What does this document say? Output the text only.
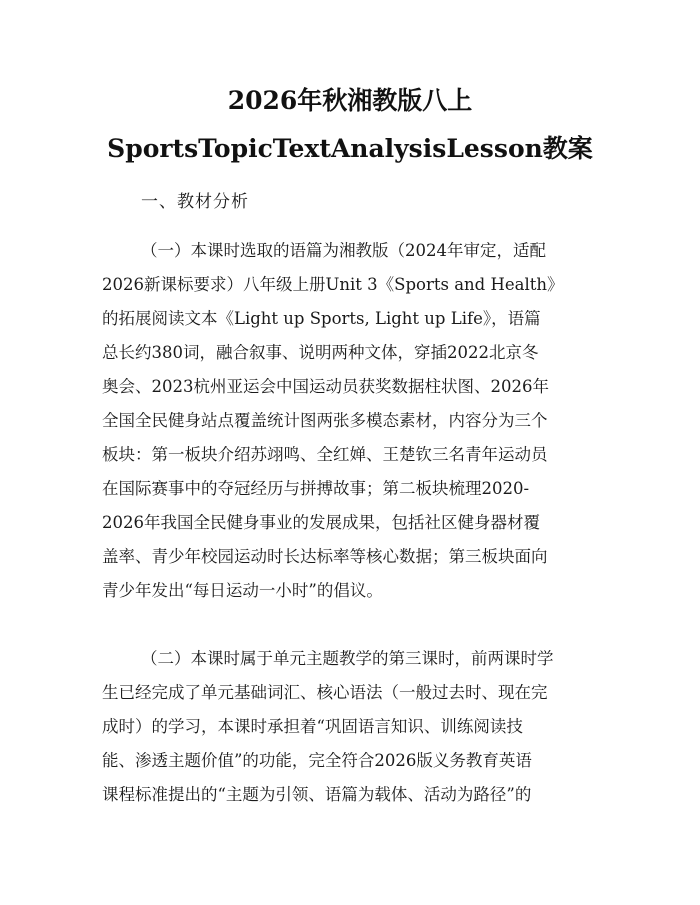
2026年秋湘教版八上
SportsTopicTextAnalysisLesson教案
一、教材分析
（一）本课时选取的语篇为湘教版（2024年审定，适配
2026新课标要求）八年级上册Unit 3《Sports and Health》
的拓展阅读文本《Light up Sports, Light up Life》，语篇
总长约380词，融合叙事、说明两种文体，穿插2022北京冬
奥会、2023杭州亚运会中国运动员获奖数据柱状图、2026年
全国全民健身站点覆盖统计图两张多模态素材，内容分为三个
板块：第一板块介绍苏翊鸣、全红婵、王楚钦三名青年运动员
在国际赛事中的夺冠经历与拼搏故事；第二板块梳理2020-
2026年我国全民健身事业的发展成果，包括社区健身器材覆
盖率、青少年校园运动时长达标率等核心数据；第三板块面向
青少年发出“每日运动一小时”的倡议。
（二）本课时属于单元主题教学的第三课时，前两课时学
生已经完成了单元基础词汇、核心语法（一般过去时、现在完
成时）的学习，本课时承担着“巩固语言知识、训练阅读技
能、渗透主题价值”的功能，完全符合2026版义务教育英语
课程标准提出的“主题为引领、语篇为载体、活动为路径”的
